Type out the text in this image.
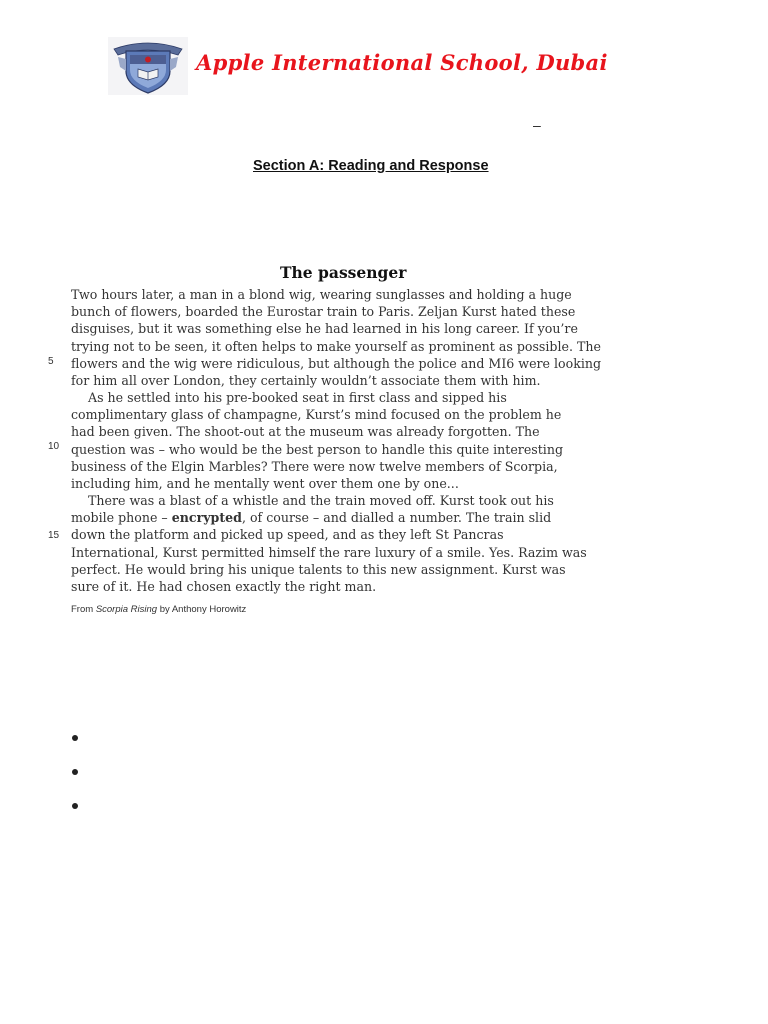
Apple International School, Dubai
–
Section A: Reading and Response
The passenger
Two hours later, a man in a blond wig, wearing sunglasses and holding a huge
bunch of flowers, boarded the Eurostar train to Paris. Zeljan Kurst hated these
disguises, but it was something else he had learned in his long career. If you’re
trying not to be seen, it often helps to make yourself as prominent as possible. The
flowers and the wig were ridiculous, but although the police and MI6 were looking
for him all over London, they certainly wouldn’t associate them with him.
As he settled into his pre-booked seat in first class and sipped his
complimentary glass of champagne, Kurst’s mind focused on the problem he
had been given. The shoot-out at the museum was already forgotten. The
question was – who would be the best person to handle this quite interesting
business of the Elgin Marbles? There were now twelve members of Scorpia,
including him, and he mentally went over them one by one...
There was a blast of a whistle and the train moved off. Kurst took out his
mobile phone – encrypted, of course – and dialled a number. The train slid
down the platform and picked up speed, and as they left St Pancras
International, Kurst permitted himself the rare luxury of a smile. Yes. Razim was
perfect. He would bring his unique talents to this new assignment. Kurst was
sure of it. He had chosen exactly the right man.
5
10
15
From Scorpia Rising by Anthony Horowitz
